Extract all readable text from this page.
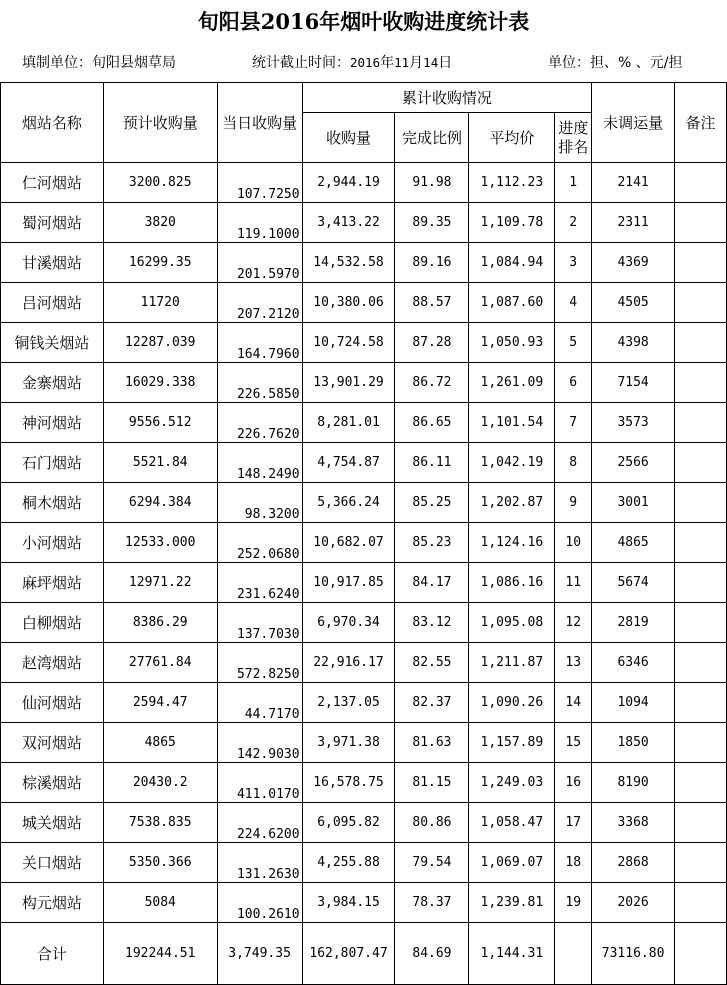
旬阳县2016年烟叶收购进度统计表
填制单位：旬阳县烟草局	统计截止时间：2016年11月14日	单位：担、% 、元/担
烟站名称	预计收购量	当日收购量	累计收购情况				未调运量	备注
			收购量	完成比例	平均价	进度排名		
仁河烟站	3200.825	107.7250	2,944.19	91.98	1,112.23	1	2141	
蜀河烟站	3820	119.1000	3,413.22	89.35	1,109.78	2	2311	
甘溪烟站	16299.35	201.5970	14,532.58	89.16	1,084.94	3	4369	
吕河烟站	11720	207.2120	10,380.06	88.57	1,087.60	4	4505	
铜钱关烟站	12287.039	164.7960	10,724.58	87.28	1,050.93	5	4398	
金寨烟站	16029.338	226.5850	13,901.29	86.72	1,261.09	6	7154	
神河烟站	9556.512	226.7620	8,281.01	86.65	1,101.54	7	3573	
石门烟站	5521.84	148.2490	4,754.87	86.11	1,042.19	8	2566	
桐木烟站	6294.384	98.3200	5,366.24	85.25	1,202.87	9	3001	
小河烟站	12533.000	252.0680	10,682.07	85.23	1,124.16	10	4865	
麻坪烟站	12971.22	231.6240	10,917.85	84.17	1,086.16	11	5674	
白柳烟站	8386.29	137.7030	6,970.34	83.12	1,095.08	12	2819	
赵湾烟站	27761.84	572.8250	22,916.17	82.55	1,211.87	13	6346	
仙河烟站	2594.47	44.7170	2,137.05	82.37	1,090.26	14	1094	
双河烟站	4865	142.9030	3,971.38	81.63	1,157.89	15	1850	
棕溪烟站	20430.2	411.0170	16,578.75	81.15	1,249.03	16	8190	
城关烟站	7538.835	224.6200	6,095.82	80.86	1,058.47	17	3368	
关口烟站	5350.366	131.2630	4,255.88	79.54	1,069.07	18	2868	
构元烟站	5084	100.2610	3,984.15	78.37	1,239.81	19	2026	
合计	192244.51	3,749.35	162,807.47	84.69	1,144.31		73116.80	
